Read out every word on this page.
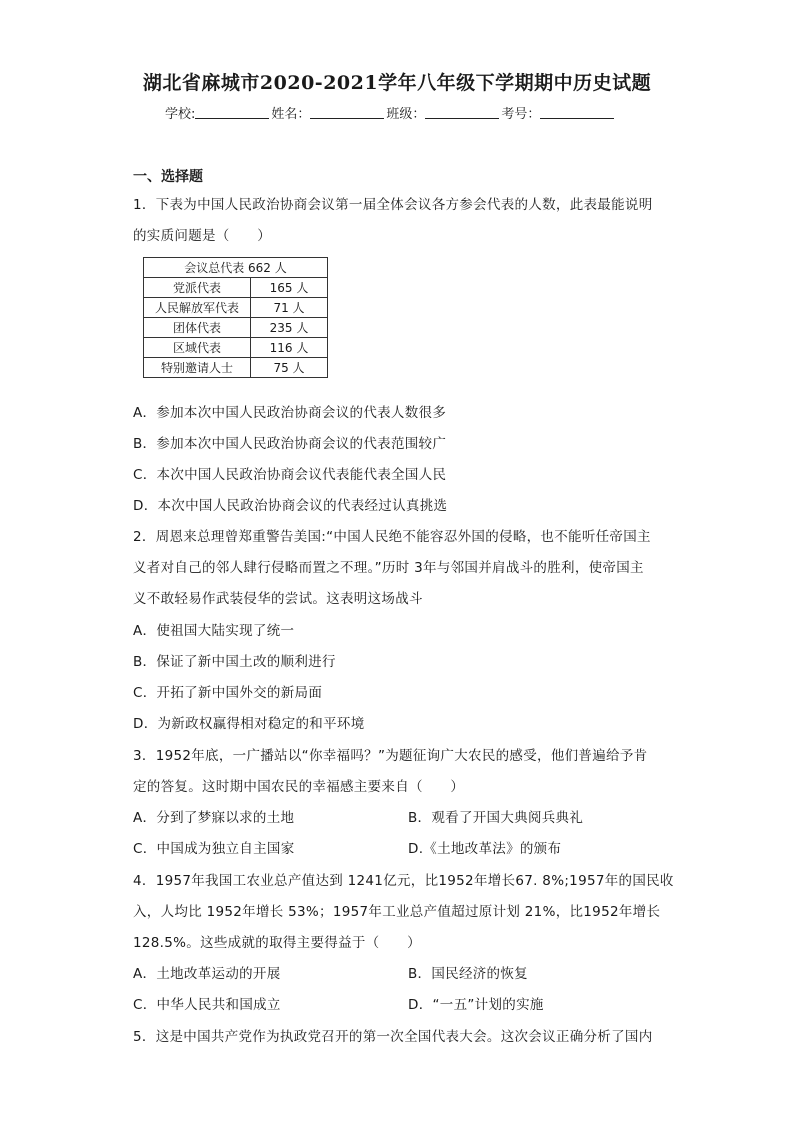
湖北省麻城市2020-2021学年八年级下学期期中历史试题
学校:	姓名：	班级：	考号：
一、选择题
1．下表为中国人民政治协商会议第一届全体会议各方参会代表的人数，此表最能说明
的实质问题是（　　）
会议总代表 662 人	
党派代表	165 人
人民解放军代表	71 人
团体代表	235 人
区域代表	116 人
特别邀请人士	75 人
A．参加本次中国人民政治协商会议的代表人数很多
B．参加本次中国人民政治协商会议的代表范围较广
C．本次中国人民政治协商会议代表能代表全国人民
D．本次中国人民政治协商会议的代表经过认真挑选
2．周恩来总理曾郑重警告美国:“中国人民绝不能容忍外国的侵略，也不能听任帝国主
义者对自己的邻人肆行侵略而置之不理。”历时 3年与邻国并肩战斗的胜利，使帝国主
义不敢轻易作武装侵华的尝试。这表明这场战斗
A．使祖国大陆实现了统一
B．保证了新中国土改的顺利进行
C．开拓了新中国外交的新局面
D．为新政权赢得相对稳定的和平环境
3．1952年底，一广播站以“你幸福吗？”为题征询广大农民的感受，他们普遍给予肯
定的答复。这时期中国农民的幸福感主要来自（　　）
A．分到了梦寐以求的土地	B．观看了开国大典阅兵典礼
C．中国成为独立自主国家	D.《土地改革法》的颁布
4．1957年我国工农业总产值达到 1241亿元，比1952年增长67. 8%;1957年的国民收
入，人均比 1952年增长 53%；1957年工业总产值超过原计划 21%，比1952年增长
128.5%。这些成就的取得主要得益于（　　）
A．土地改革运动的开展	B．国民经济的恢复
C．中华人民共和国成立	D．“一五”计划的实施
5．这是中国共产党作为执政党召开的第一次全国代表大会。这次会议正确分析了国内
